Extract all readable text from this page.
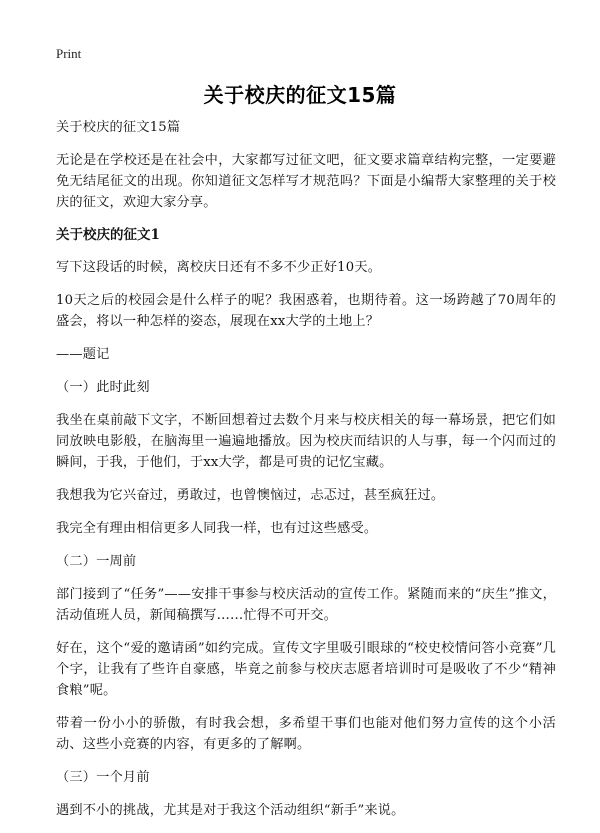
Print
关于校庆的征文15篇

关于校庆的征文15篇

无论是在学校还是在社会中，大家都写过征文吧，征文要求篇章结构完整，一定要避免无结尾征文的出现。你知道征文怎样写才规范吗？下面是小编帮大家整理的关于校庆的征文，欢迎大家分享。

关于校庆的征文1

写下这段话的时候，离校庆日还有不多不少正好10天。

10天之后的校园会是什么样子的呢？我困惑着，也期待着。这一场跨越了70周年的盛会，将以一种怎样的姿态，展现在xx大学的土地上？

——题记

（一）此时此刻

我坐在桌前敲下文字，不断回想着过去数个月来与校庆相关的每一幕场景，把它们如同放映电影般，在脑海里一遍遍地播放。因为校庆而结识的人与事，每一个闪而过的瞬间，于我，于他们，于xx大学，都是可贵的记忆宝藏。

我想我为它兴奋过，勇敢过，也曾懊恼过，忐忑过，甚至疯狂过。

我完全有理由相信更多人同我一样，也有过这些感受。

（二）一周前

部门接到了“任务”——安排干事参与校庆活动的宣传工作。紧随而来的“庆生”推文，活动值班人员，新闻稿撰写……忙得不可开交。

好在，这个“爱的邀请函”如约完成。宣传文字里吸引眼球的“校史校情问答小竞赛”几个字，让我有了些许自豪感，毕竟之前参与校庆志愿者培训时可是吸收了不少“精神食粮”呢。

带着一份小小的骄傲，有时我会想，多希望干事们也能对他们努力宣传的这个小活动、这些小竞赛的内容，有更多的了解啊。

（三）一个月前

遇到不小的挑战，尤其是对于我这个活动组织“新手”来说。
